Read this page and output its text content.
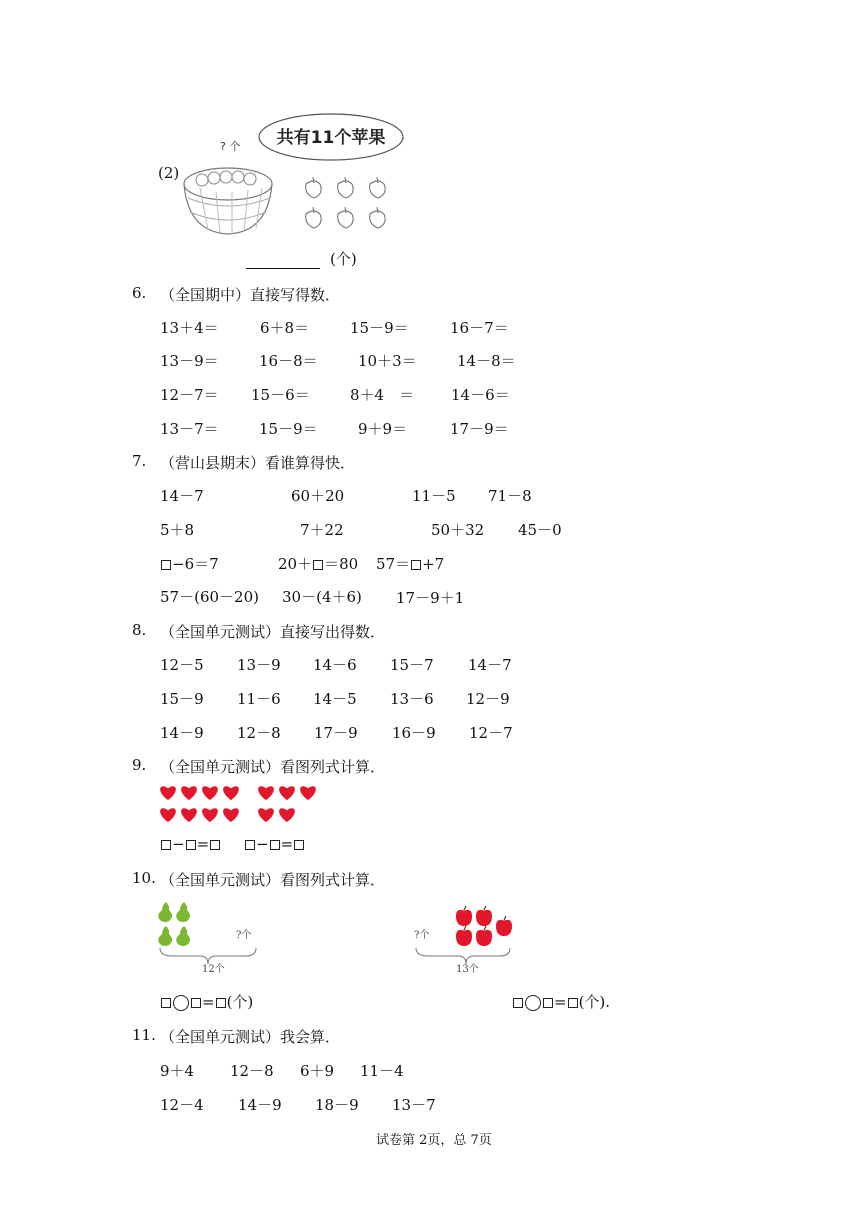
(2)
? 个 共有11个苹果
(个)
6. （全国期中）直接写得数．
13＋4＝	6＋8＝	15－9＝	16－7＝
13－9＝	16－8＝	10＋3＝	14－8＝
12－7＝ 15－6＝	8＋4　＝ 14－6＝
13－7＝	15－9＝	9＋9＝	17－9＝
7. （营山县期末）看谁算得快．
14－7	60＋20	11－5 71－8
5＋8	7＋22	50＋32 45－0
−6＝7	20＋ ＝80 57＝ +7
57－(60－20) 30－(4＋6) 17－9＋1
8. （全国单元测试）直接写出得数．
12－5 13－9 14－6 15－7 14－7
15－9 11－6 14－5 13－6 12－9
14－9 12－8 17－9 16－9 12－7
9. （全国单元测试）看图列式计算．
− =	− =
10. （全国单元测试）看图列式计算．
?个
12个
?个
13个
= (个)	= (个).
11. （全国单元测试）我会算．
9＋4 12－8 6＋9 11－4
12－4 14－9 18－9 13－7
试卷第 2页，总 7页
